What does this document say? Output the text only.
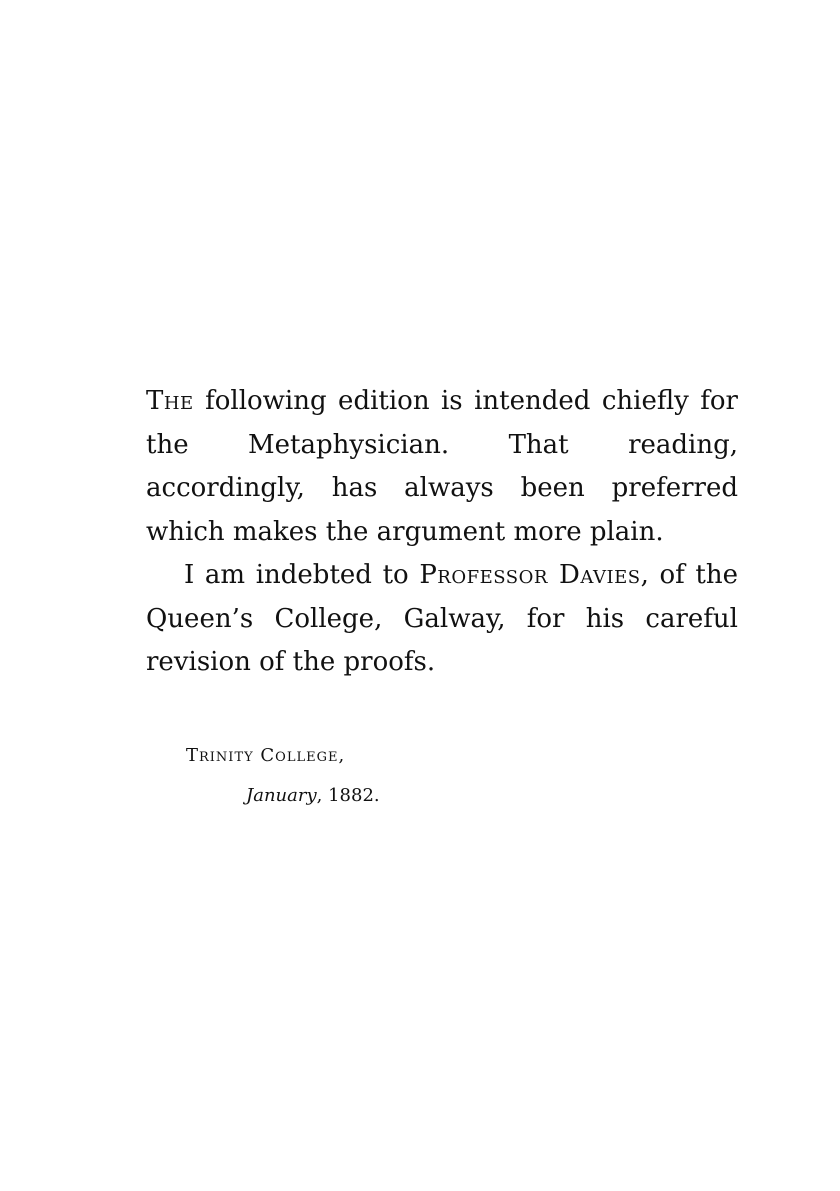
The following edition is intended chiefly for the Metaphysician. That reading, accordingly, has always been preferred which makes the argument more plain.

I am indebted to Professor Davies, of the Queen’s College, Galway, for his careful revision of the proofs.

Trinity College,
January, 1882.
